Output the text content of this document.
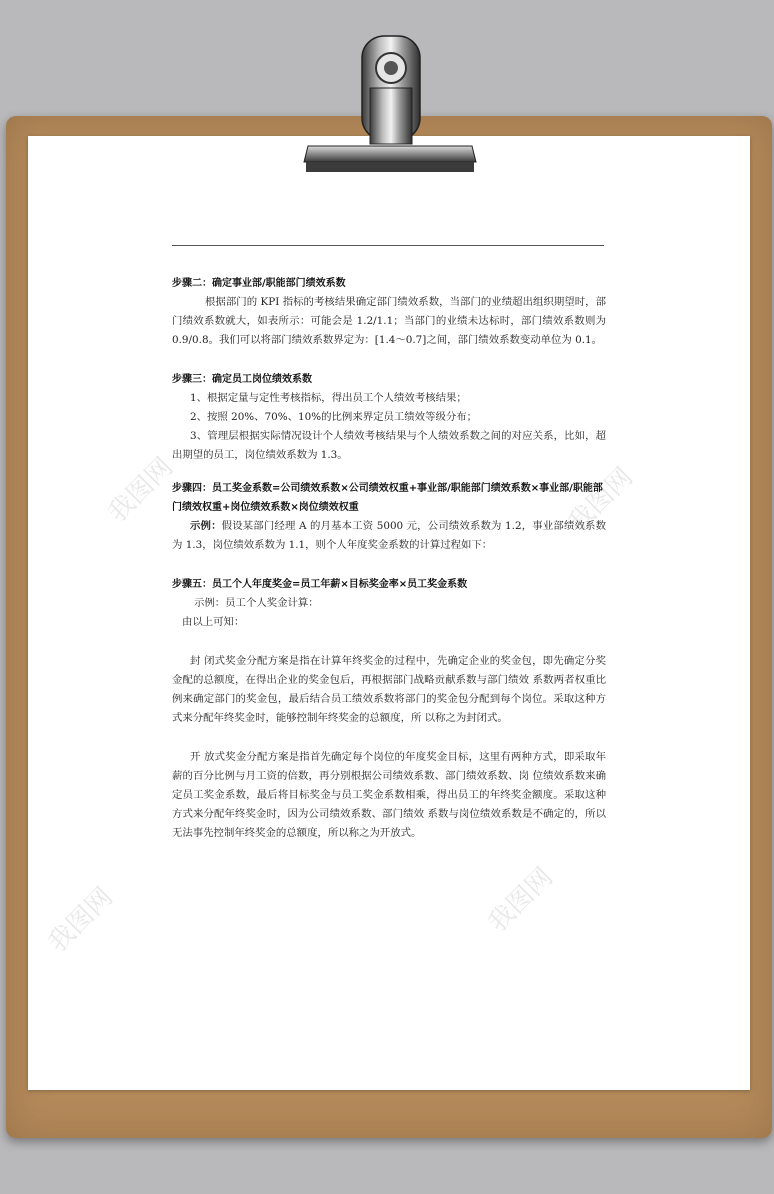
我图网	我图网
我图网	我图网
步骤二：确定事业部/职能部门绩效系数

根据部门的 KPI 指标的考核结果确定部门绩效系数，当部门的业绩超出组织期望时，部门绩效系数就大，如表所示：可能会是 1.2/1.1；当部门的业绩未达标时，部门绩效系数则为 0.9/0.8。我们可以将部门绩效系数界定为：[1.4～0.7]之间，部门绩效系数变动单位为 0.1。

步骤三：确定员工岗位绩效系数

1、根据定量与定性考核指标，得出员工个人绩效考核结果；

2、按照 20%、70%、10%的比例来界定员工绩效等级分布；

3、管理层根据实际情况设计个人绩效考核结果与个人绩效系数之间的对应关系，比如，超出期望的员工，岗位绩效系数为 1.3。

步骤四：员工奖金系数=公司绩效系数×公司绩效权重+事业部/职能部门绩效系数×事业部/职能部门绩效权重+岗位绩效系数×岗位绩效权重

示例：假设某部门经理 A 的月基本工资 5000 元，公司绩效系数为 1.2，事业部绩效系数为 1.3，岗位绩效系数为 1.1，则个人年度奖金系数的计算过程如下：

步骤五：员工个人年度奖金=员工年薪×目标奖金率×员工奖金系数

示例：员工个人奖金计算：

由以上可知：

封 闭式奖金分配方案是指在计算年终奖金的过程中，先确定企业的奖金包，即先确定分奖金配的总额度，在得出企业的奖金包后，再根据部门战略贡献系数与部门绩效 系数两者权重比例来确定部门的奖金包，最后结合员工绩效系数将部门的奖金包分配到每个岗位。采取这种方式来分配年终奖金时，能够控制年终奖金的总额度，所 以称之为封闭式。

开 放式奖金分配方案是指首先确定每个岗位的年度奖金目标，这里有两种方式，即采取年薪的百分比例与月工资的倍数，再分别根据公司绩效系数、部门绩效系数、岗 位绩效系数来确定员工奖金系数，最后将目标奖金与员工奖金系数相乘，得出员工的年终奖金额度。采取这种方式来分配年终奖金时，因为公司绩效系数、部门绩效 系数与岗位绩效系数是不确定的，所以无法事先控制年终奖金的总额度，所以称之为开放式。
